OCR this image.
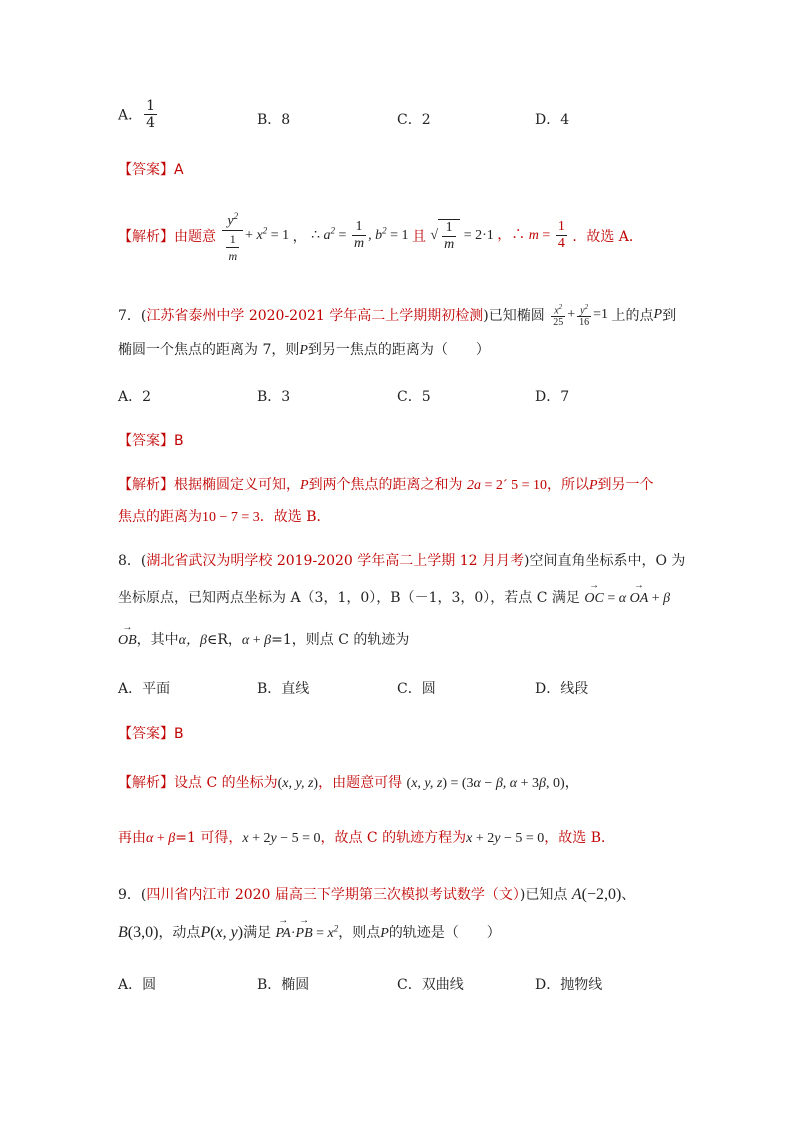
A． $\frac{1}{4}$	B．8	C．2	D．4
【答案】A
【解析】由题意 $\frac{y^2}{\frac{1}{m}} + x^2 = 1$ ， ∴ $a^2 = \frac{1}{m}$ , $b^2 = 1$ 且 √ $\frac{1}{m} = 2\cdot 1$ ，∴ $m = \frac{1}{4}$ ．故选 A．
7．(江苏省泰州中学 2020-2021 学年高二上学期期初检测)已知椭圆 $\frac{x^2}{25} + \frac{y^2}{16} =1$ 上的点P到
椭圆一个焦点的距离为 7，则P到另一焦点的距离为（　　）
A．2	B．3	C．5	D．7
【答案】B
【解析】根据椭圆定义可知，P到两个焦点的距离之和为 2a = 2´ 5 = 10，所以P到另一个
焦点的距离为10 − 7 = 3．故选 B．
8．(湖北省武汉为明学校 2019-2020 学年高二上学期 12 月月考)空间直角坐标系中，O 为
坐标原点，已知两点坐标为 A（3，1，0），B（－1，3，0），若点 C 满足 → OC = α → OA + β
→ OB，其中α，β∈R，α + β=1，则点 C 的轨迹为
A．平面	B．直线	C．圆	D．线段
【答案】B
【解析】设点 C 的坐标为(x, y, z)，由题意可得 (x, y, z) = (3α − β, α + 3β, 0)，
再由α + β=1 可得，x + 2y − 5 = 0，故点 C 的轨迹方程为x + 2y − 5 = 0，故选 B．
9．(四川省内江市 2020 届高三下学期第三次模拟考试数学（文）)已知点 A(−2,0)、
B(3,0)，动点P(x, y)满足 → PA·→ PB = $x^2$，则点P的轨迹是（　　）
A．圆	B．椭圆	C．双曲线	D．抛物线
